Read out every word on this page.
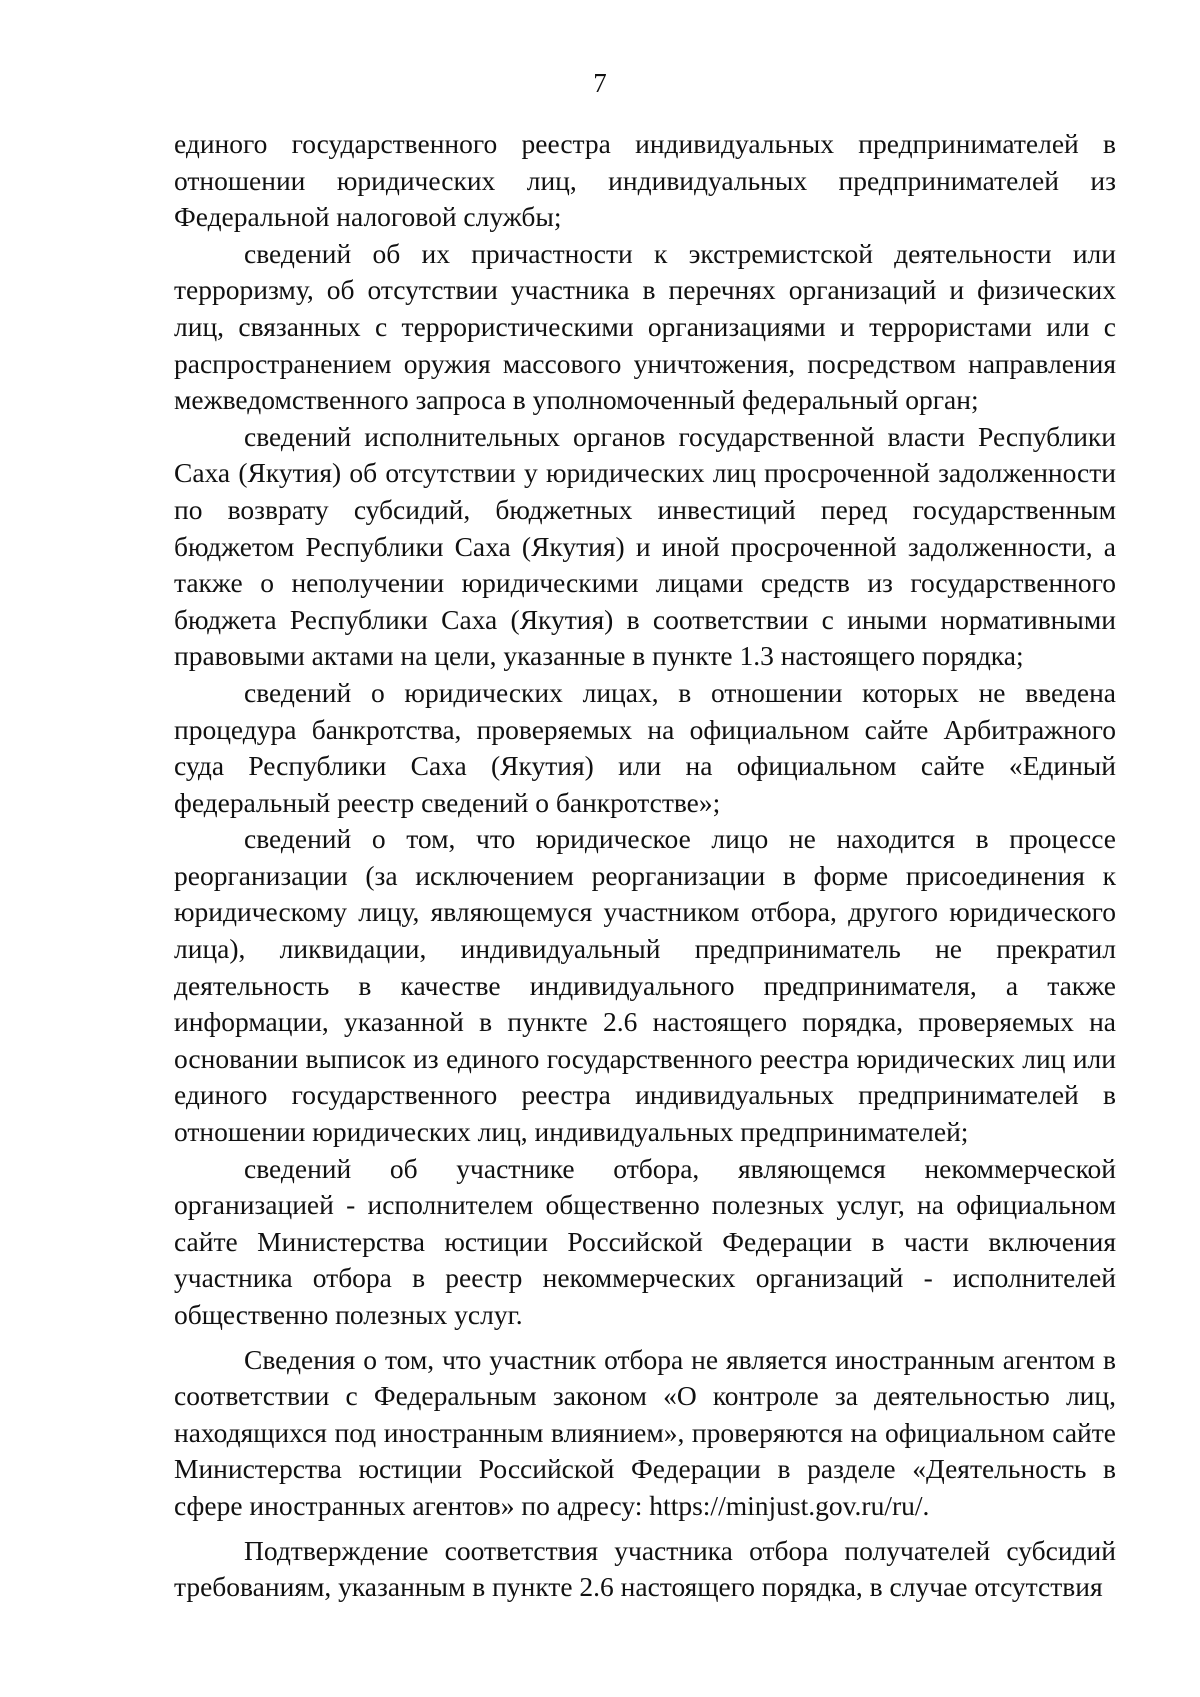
7

единого государственного реестра индивидуальных предпринимателей в отношении юридических лиц, индивидуальных предпринимателей из Федеральной налоговой службы;

сведений об их причастности к экстремистской деятельности или терроризму, об отсутствии участника в перечнях организаций и физических лиц, связанных с террористическими организациями и террористами или с распространением оружия массового уничтожения, посредством направления межведомственного запроса в уполномоченный федеральный орган;

сведений исполнительных органов государственной власти Республики Саха (Якутия) об отсутствии у юридических лиц просроченной задолженности по возврату субсидий, бюджетных инвестиций перед государственным бюджетом Республики Саха (Якутия) и иной просроченной задолженности, а также о неполучении юридическими лицами средств из государственного бюджета Республики Саха (Якутия) в соответствии с иными нормативными правовыми актами на цели, указанные в пункте 1.3 настоящего порядка;

сведений о юридических лицах, в отношении которых не введена процедура банкротства, проверяемых на официальном сайте Арбитражного суда Республики Саха (Якутия) или на официальном сайте «Единый федеральный реестр сведений о банкротстве»;

сведений о том, что юридическое лицо не находится в процессе реорганизации (за исключением реорганизации в форме присоединения к юридическому лицу, являющемуся участником отбора, другого юридического лица), ликвидации, индивидуальный предприниматель не прекратил деятельность в качестве индивидуального предпринимателя, а также информации, указанной в пункте 2.6 настоящего порядка, проверяемых на основании выписок из единого государственного реестра юридических лиц или единого государственного реестра индивидуальных предпринимателей в отношении юридических лиц, индивидуальных предпринимателей;

сведений об участнике отбора, являющемся некоммерческой организацией - исполнителем общественно полезных услуг, на официальном сайте Министерства юстиции Российской Федерации в части включения участника отбора в реестр некоммерческих организаций - исполнителей общественно полезных услуг.

Сведения о том, что участник отбора не является иностранным агентом в соответствии с Федеральным законом «О контроле за деятельностью лиц, находящихся под иностранным влиянием», проверяются на официальном сайте Министерства юстиции Российской Федерации в разделе «Деятельность в сфере иностранных агентов» по адресу: https://minjust.gov.ru/ru/.

Подтверждение соответствия участника отбора получателей субсидий требованиям, указанным в пункте 2.6 настоящего порядка, в случае отсутствия
